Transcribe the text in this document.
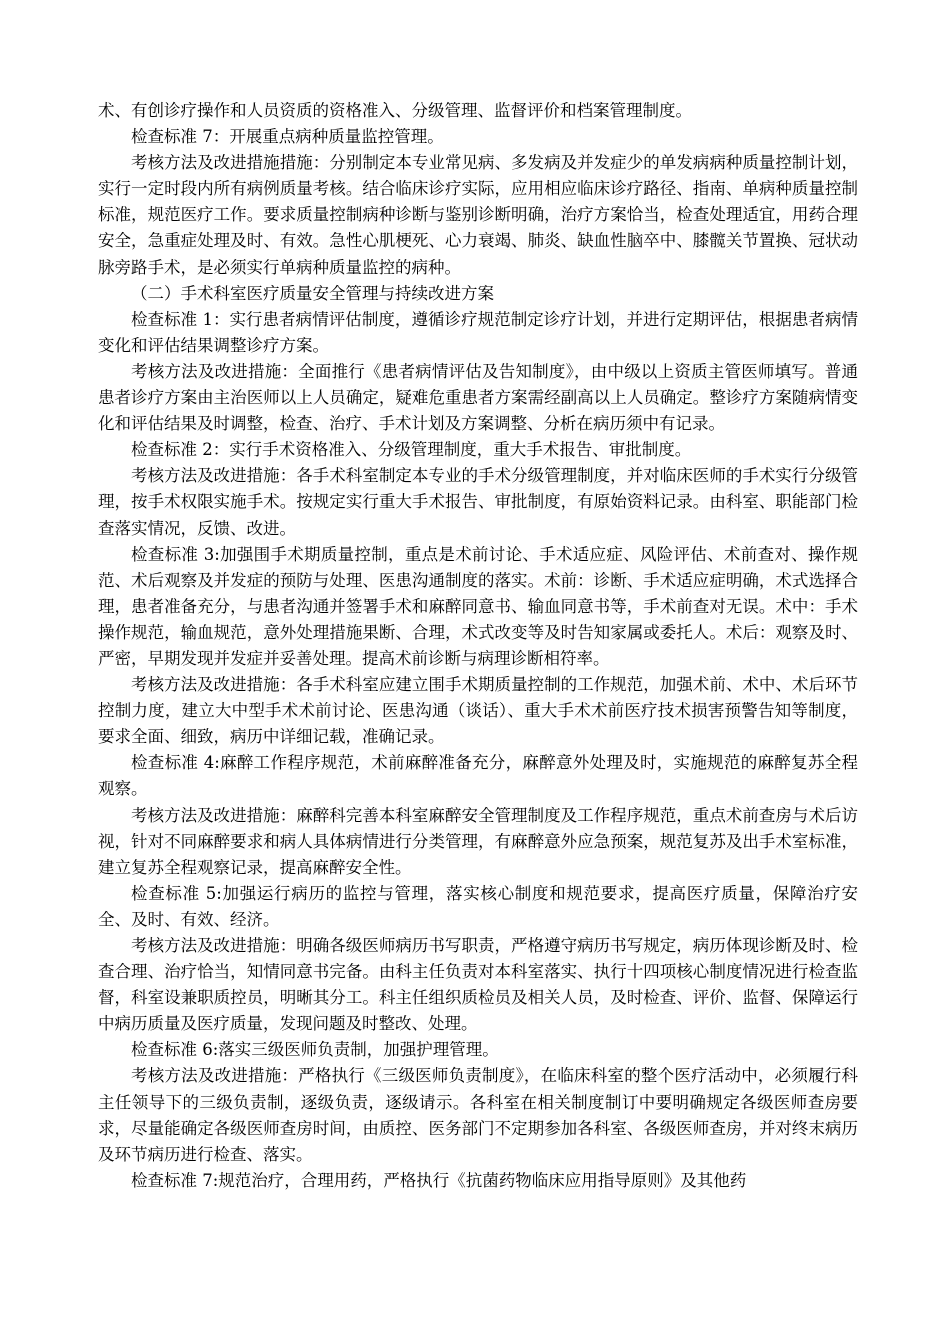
术、有创诊疗操作和人员资质的资格准入、分级管理、监督评价和档案管理制度。

检查标准 7：开展重点病种质量监控管理。

考核方法及改进措施措施：分别制定本专业常见病、多发病及并发症少的单发病病种质量控制计划，实行一定时段内所有病例质量考核。结合临床诊疗实际，应用相应临床诊疗路径、指南、单病种质量控制标准，规范医疗工作。要求质量控制病种诊断与鉴别诊断明确，治疗方案恰当，检查处理适宜，用药合理安全，急重症处理及时、有效。急性心肌梗死、心力衰竭、肺炎、缺血性脑卒中、膝髋关节置换、冠状动脉旁路手术，是必须实行单病种质量监控的病种。

（二）手术科室医疗质量安全管理与持续改进方案

检查标准 1：实行患者病情评估制度，遵循诊疗规范制定诊疗计划，并进行定期评估，根据患者病情变化和评估结果调整诊疗方案。

考核方法及改进措施：全面推行《患者病情评估及告知制度》，由中级以上资质主管医师填写。普通患者诊疗方案由主治医师以上人员确定，疑难危重患者方案需经副高以上人员确定。整诊疗方案随病情变化和评估结果及时调整，检查、治疗、手术计划及方案调整、分析在病历须中有记录。

检查标准 2：实行手术资格准入、分级管理制度，重大手术报告、审批制度。

考核方法及改进措施：各手术科室制定本专业的手术分级管理制度，并对临床医师的手术实行分级管理，按手术权限实施手术。按规定实行重大手术报告、审批制度，有原始资料记录。由科室、职能部门检查落实情况，反馈、改进。

检查标准 3:加强围手术期质量控制，重点是术前讨论、手术适应症、风险评估、术前查对、操作规范、术后观察及并发症的预防与处理、医患沟通制度的落实。术前：诊断、手术适应症明确，术式选择合理，患者准备充分，与患者沟通并签署手术和麻醉同意书、输血同意书等，手术前查对无误。术中：手术操作规范，输血规范，意外处理措施果断、合理，术式改变等及时告知家属或委托人。术后：观察及时、严密，早期发现并发症并妥善处理。提高术前诊断与病理诊断相符率。

考核方法及改进措施：各手术科室应建立围手术期质量控制的工作规范，加强术前、术中、术后环节控制力度，建立大中型手术术前讨论、医患沟通（谈话）、重大手术术前医疗技术损害预警告知等制度，要求全面、细致，病历中详细记载，准确记录。

检查标准 4:麻醉工作程序规范，术前麻醉准备充分，麻醉意外处理及时，实施规范的麻醉复苏全程观察。

考核方法及改进措施：麻醉科完善本科室麻醉安全管理制度及工作程序规范，重点术前查房与术后访视，针对不同麻醉要求和病人具体病情进行分类管理，有麻醉意外应急预案，规范复苏及出手术室标准，建立复苏全程观察记录，提高麻醉安全性。

检查标准 5:加强运行病历的监控与管理，落实核心制度和规范要求，提高医疗质量，保障治疗安全、及时、有效、经济。

考核方法及改进措施：明确各级医师病历书写职责，严格遵守病历书写规定，病历体现诊断及时、检查合理、治疗恰当，知情同意书完备。由科主任负责对本科室落实、执行十四项核心制度情况进行检查监督，科室设兼职质控员，明晰其分工。科主任组织质检员及相关人员，及时检查、评价、监督、保障运行中病历质量及医疗质量，发现问题及时整改、处理。

检查标准 6:落实三级医师负责制，加强护理管理。

考核方法及改进措施：严格执行《三级医师负责制度》，在临床科室的整个医疗活动中，必须履行科主任领导下的三级负责制，逐级负责，逐级请示。各科室在相关制度制订中要明确规定各级医师查房要求，尽量能确定各级医师查房时间，由质控、医务部门不定期参加各科室、各级医师查房，并对终末病历及环节病历进行检查、落实。

检查标准 7:规范治疗，合理用药，严格执行《抗菌药物临床应用指导原则》及其他药
